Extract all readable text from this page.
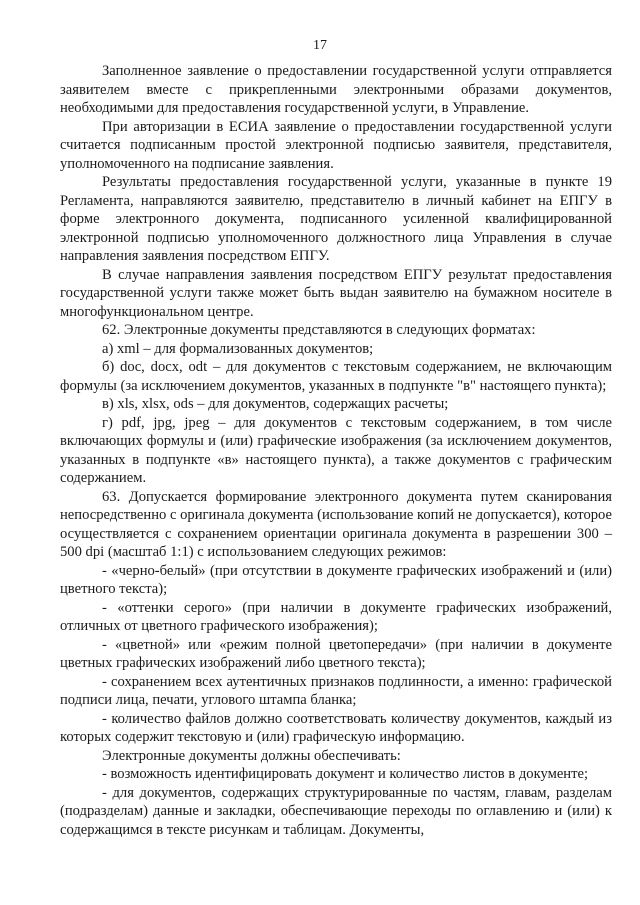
17

Заполненное заявление о предоставлении государственной услуги отправляется заявителем вместе с прикрепленными электронными образами документов, необходимыми для предоставления государственной услуги, в Управление.

При авторизации в ЕСИА заявление о предоставлении государственной услуги считается подписанным простой электронной подписью заявителя, представителя, уполномоченного на подписание заявления.

Результаты предоставления государственной услуги, указанные в пункте 19 Регламента, направляются заявителю, представителю в личный кабинет на ЕПГУ в форме электронного документа, подписанного усиленной квалифицированной электронной подписью уполномоченного должностного лица Управления в случае направления заявления посредством ЕПГУ.

В случае направления заявления посредством ЕПГУ результат предоставления государственной услуги также может быть выдан заявителю на бумажном носителе в многофункциональном центре.

62. Электронные документы представляются в следующих форматах:

а) xml – для формализованных документов;

б) doc, docx, odt – для документов с текстовым содержанием, не включающим формулы (за исключением документов, указанных в подпункте "в" настоящего пункта);

в) xls, xlsx, ods – для документов, содержащих расчеты;

г) pdf, jpg, jpeg – для документов с текстовым содержанием, в том числе включающих формулы и (или) графические изображения (за исключением документов, указанных в подпункте «в» настоящего пункта), а также документов с графическим содержанием.

63. Допускается формирование электронного документа путем сканирования непосредственно с оригинала документа (использование копий не допускается), которое осуществляется с сохранением ориентации оригинала документа в разрешении 300 – 500 dpi (масштаб 1:1) с использованием следующих режимов:

- «черно-белый» (при отсутствии в документе графических изображений и (или) цветного текста);

- «оттенки серого» (при наличии в документе графических изображений, отличных от цветного графического изображения);

- «цветной» или «режим полной цветопередачи» (при наличии в документе цветных графических изображений либо цветного текста);

- сохранением всех аутентичных признаков подлинности, а именно: графической подписи лица, печати, углового штампа бланка;

- количество файлов должно соответствовать количеству документов, каждый из которых содержит текстовую и (или) графическую информацию.

Электронные документы должны обеспечивать:

- возможность идентифицировать документ и количество листов в документе;

- для документов, содержащих структурированные по частям, главам, разделам (подразделам) данные и закладки, обеспечивающие переходы по оглавлению и (или) к содержащимся в тексте рисункам и таблицам. Документы,
